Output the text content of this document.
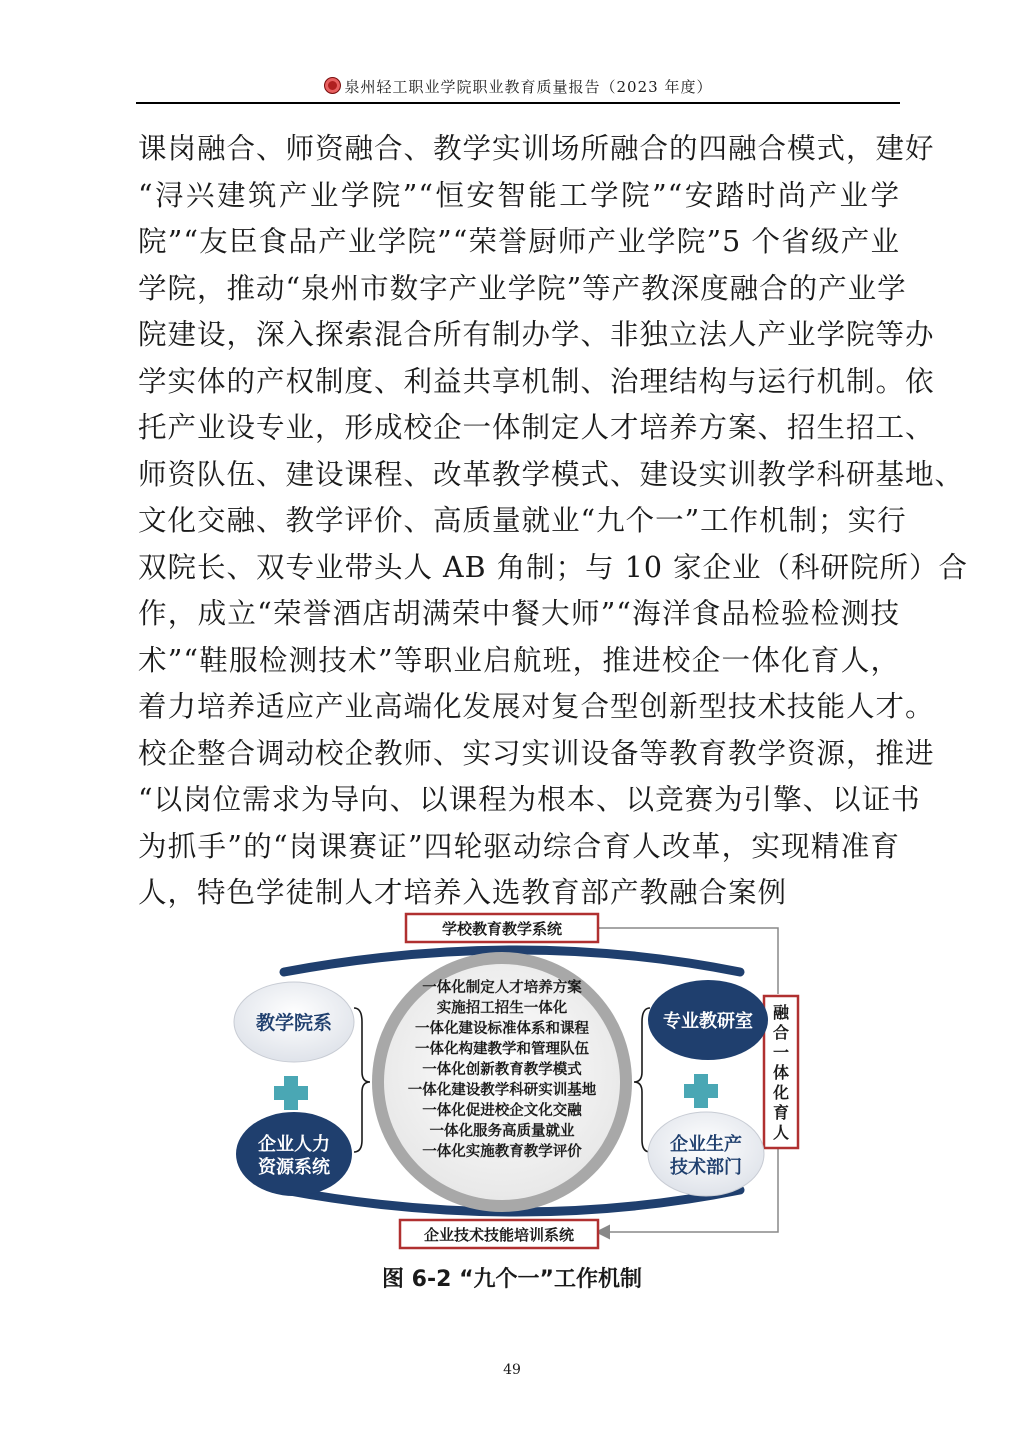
泉州轻工职业学院职业教育质量报告（2023 年度）
课岗融合、师资融合、教学实训场所融合的四融合模式，建好
“浔兴建筑产业学院”“恒安智能工学院”“安踏时尚产业学
院”“友臣食品产业学院”“荣誉厨师产业学院”5 个省级产业
学院，推动“泉州市数字产业学院”等产教深度融合的产业学
院建设，深入探索混合所有制办学、非独立法人产业学院等办
学实体的产权制度、利益共享机制、治理结构与运行机制。依
托产业设专业，形成校企一体制定人才培养方案、招生招工、
师资队伍、建设课程、改革教学模式、建设实训教学科研基地、
文化交融、教学评价、高质量就业“九个一”工作机制；实行
双院长、双专业带头人 AB 角制；与 10 家企业（科研院所）合
作，成立“荣誉酒店胡满荣中餐大师”“海洋食品检验检测技
术”“鞋服检测技术”等职业启航班，推进校企一体化育人，
着力培养适应产业高端化发展对复合型创新型技术技能人才。
校企整合调动校企教师、实习实训设备等教育教学资源，推进
“以岗位需求为导向、以课程为根本、以竞赛为引擎、以证书
为抓手”的“岗课赛证”四轮驱动综合育人改革，实现精准育
人，特色学徒制人才培养入选教育部产教融合案例
学校教育教学系统
企业技术技能培训系统
融
合
一
体
化
育
人
一体化制定人才培养方案
实施招工招生一体化
一体化建设标准体系和课程
一体化构建教学和管理队伍
一体化创新教育教学模式
一体化建设教学科研实训基地
一体化促进校企文化交融
一体化服务高质量就业
一体化实施教育教学评价
教学院系
企业人力
资源系统
专业教研室
企业生产
技术部门
图 6-2 “九个一”工作机制
49
